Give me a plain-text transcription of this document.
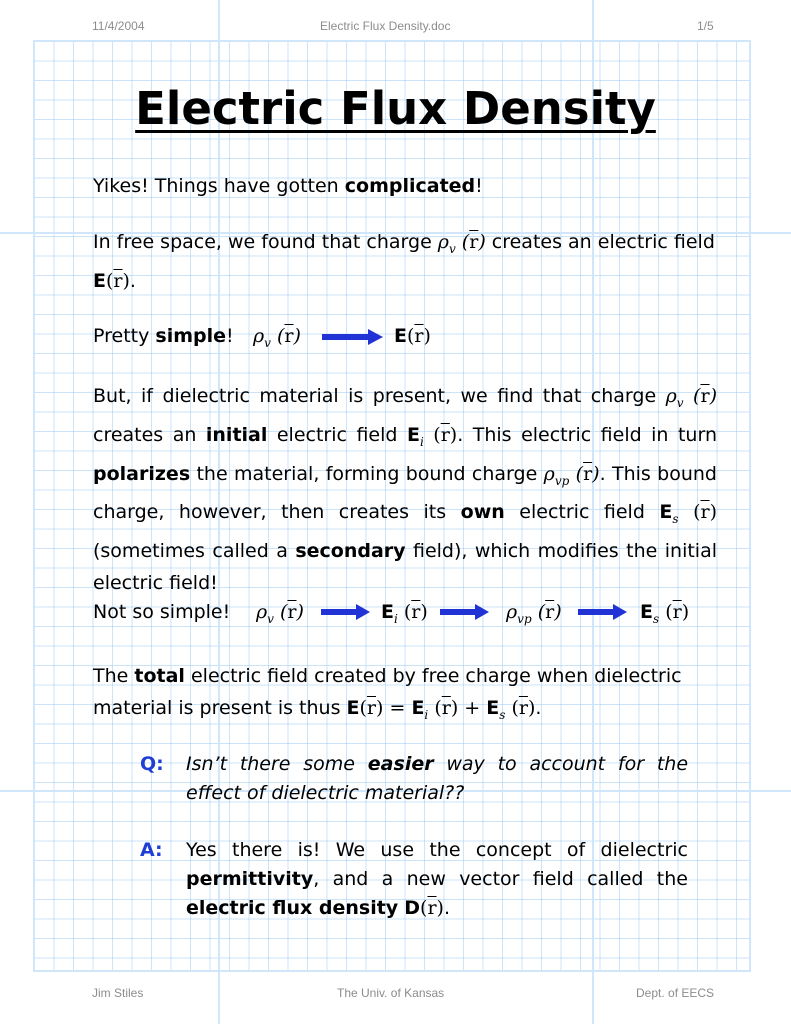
11/4/2004	Electric Flux Density.doc	1/5
Electric Flux Density
Yikes! Things have gotten complicated!
In free space, we found that charge $\rho_v$ $(\overline{r})$ creates an electric field $E(\overline{r})$.
Pretty simple! $\rho_v$ $(\overline{r})$	$E(\overline{r})$
But, if dielectric material is present, we find that charge $\rho_v$ $(\overline{r})$ creates an initial electric field $E_i$ $(\overline{r})$. This electric field in turn polarizes the material, forming bound charge $\rho_{vp}$ $(\overline{r})$. This bound charge, however, then creates its own electric field $E_s$ $(\overline{r})$ (sometimes called a secondary field), which modifies the initial electric field!
Not so simple! $\rho_v$ $(\overline{r})$	$E_i$ $(\overline{r})$	$\rho_{vp}$ $(\overline{r})$	$E_s$ $(\overline{r})$
The total electric field created by free charge when dielectric material is present is thus $E(\overline{r}) = E_i$ $(\overline{r}) + E_s$ $(\overline{r})$.
Q:	Isn’t there some easier way to account for the effect of dielectric material??
A:	Yes there is! We use the concept of dielectric permittivity, and a new vector field called the electric flux density $D(\overline{r})$.
Jim Stiles	The Univ. of Kansas	Dept. of EECS
